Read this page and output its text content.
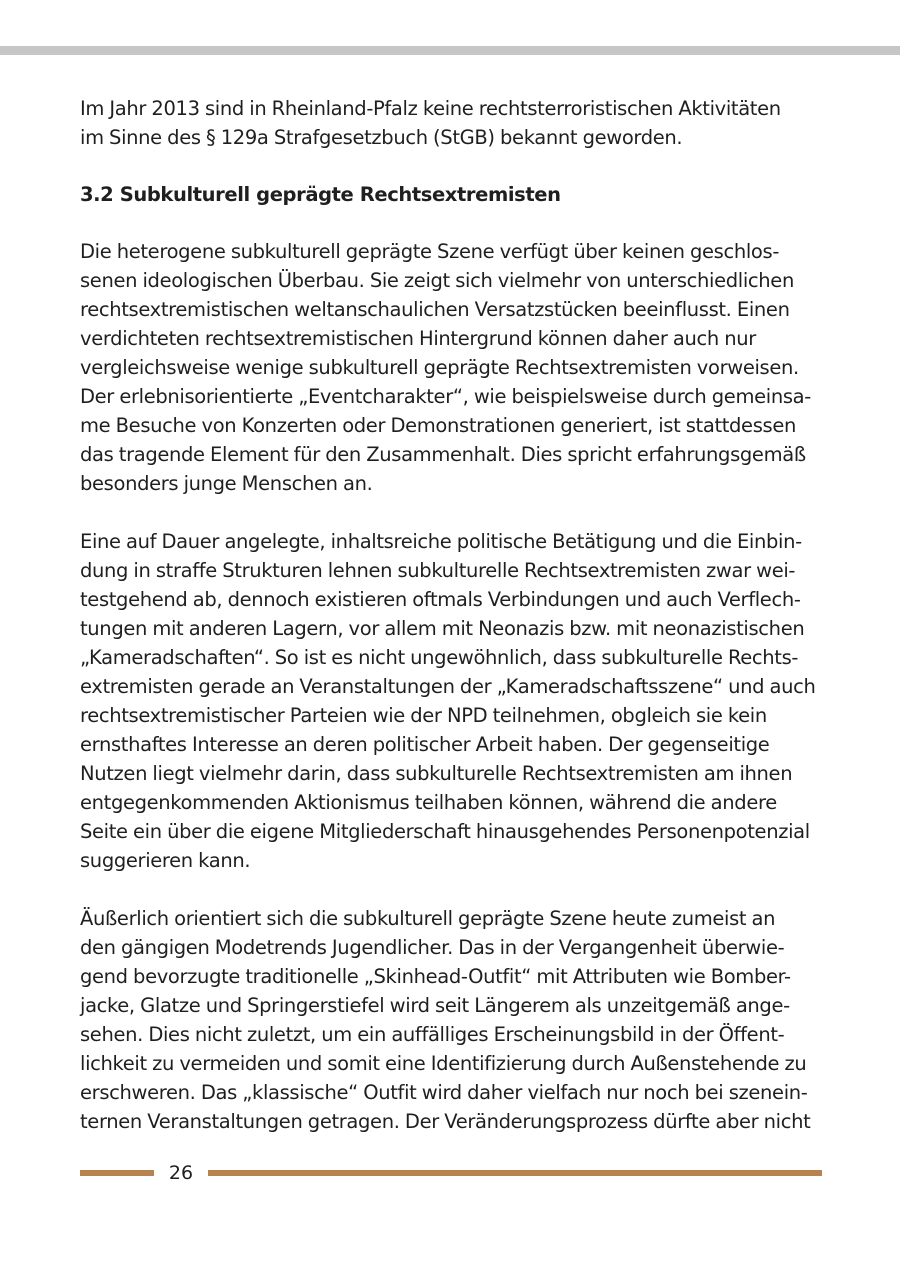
Im Jahr 2013 sind in Rheinland-Pfalz keine rechtsterroristischen Aktivitäten

im Sinne des § 129a Strafgesetzbuch (StGB) bekannt geworden.

3.2 Subkulturell geprägte Rechtsextremisten

Die heterogene subkulturell geprägte Szene verfügt über keinen geschlos-

senen ideologischen Überbau. Sie zeigt sich vielmehr von unterschiedlichen

rechtsextremistischen weltanschaulichen Versatzstücken beeinflusst. Einen

verdichteten rechtsextremistischen Hintergrund können daher auch nur

vergleichsweise wenige subkulturell geprägte Rechtsextremisten vorweisen.

Der erlebnisorientierte „Eventcharakter“, wie beispielsweise durch gemeinsa-

me Besuche von Konzerten oder Demonstrationen generiert, ist stattdessen

das tragende Element für den Zusammenhalt. Dies spricht erfahrungsgemäß

besonders junge Menschen an.

Eine auf Dauer angelegte, inhaltsreiche politische Betätigung und die Einbin-

dung in straffe Strukturen lehnen subkulturelle Rechtsextremisten zwar wei-

testgehend ab, dennoch existieren oftmals Verbindungen und auch Verflech-

tungen mit anderen Lagern, vor allem mit Neonazis bzw. mit neonazistischen

„Kameradschaften“. So ist es nicht ungewöhnlich, dass subkulturelle Rechts-

extremisten gerade an Veranstaltungen der „Kameradschaftsszene“ und auch

rechtsextremistischer Parteien wie der NPD teilnehmen, obgleich sie kein

ernsthaftes Interesse an deren politischer Arbeit haben. Der gegenseitige

Nutzen liegt vielmehr darin, dass subkulturelle Rechtsextremisten am ihnen

entgegenkommenden Aktionismus teilhaben können, während die andere

Seite ein über die eigene Mitgliederschaft hinausgehendes Personenpotenzial

suggerieren kann.

Äußerlich orientiert sich die subkulturell geprägte Szene heute zumeist an

den gängigen Modetrends Jugendlicher. Das in der Vergangenheit überwie-

gend bevorzugte traditionelle „Skinhead-Outfit“ mit Attributen wie Bomber-

jacke, Glatze und Springerstiefel wird seit Längerem als unzeitgemäß ange-

sehen. Dies nicht zuletzt, um ein auffälliges Erscheinungsbild in der Öffent-

lichkeit zu vermeiden und somit eine Identifizierung durch Außenstehende zu

erschweren. Das „klassische“ Outfit wird daher vielfach nur noch bei szenein-

ternen Veranstaltungen getragen. Der Veränderungsprozess dürfte aber nicht

26
